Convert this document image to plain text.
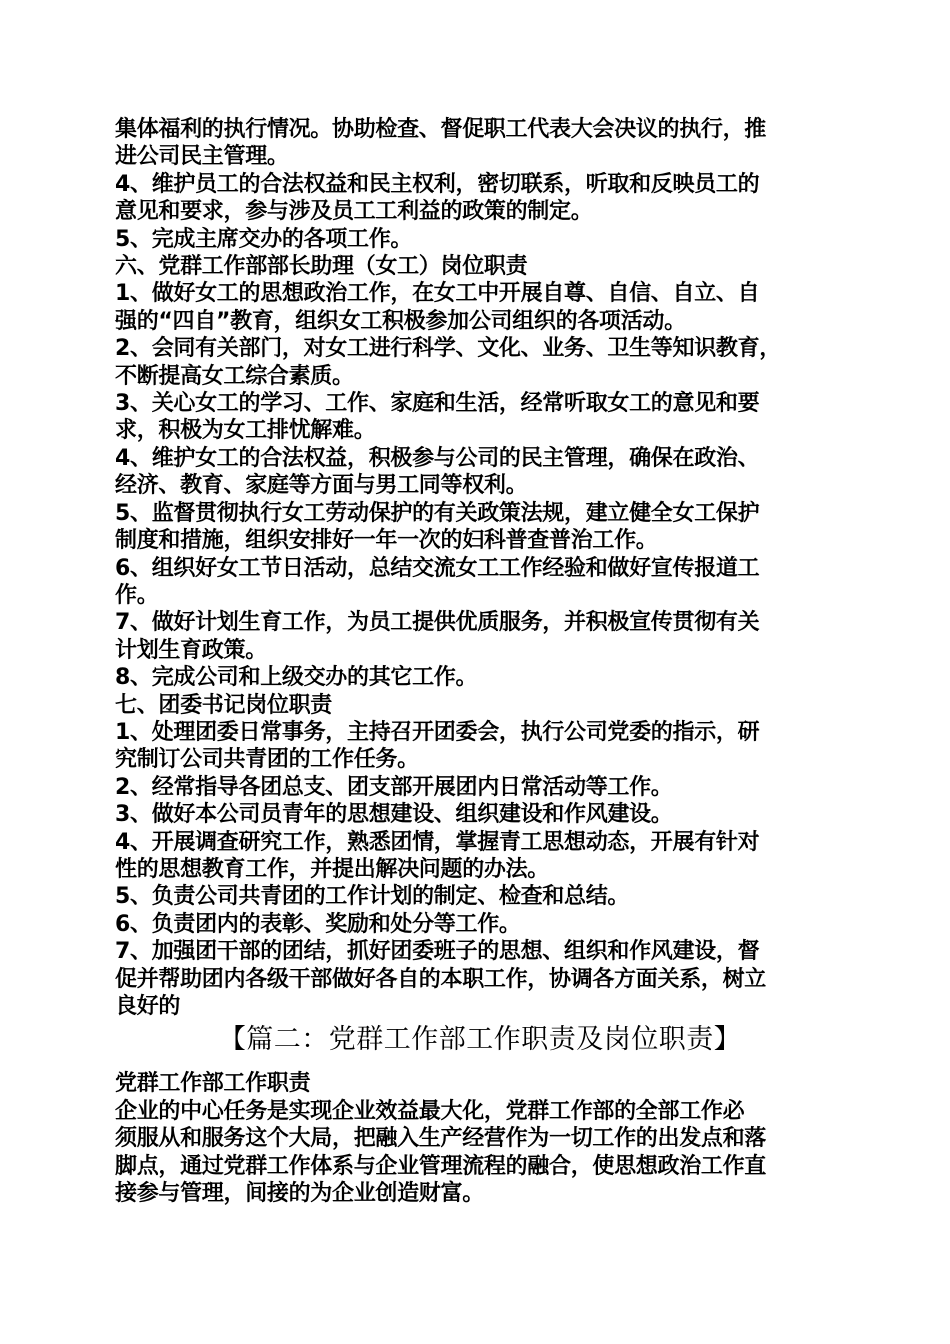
集体福利的执行情况。协助检查、督促职工代表大会决议的执行，推
进公司民主管理。
4、维护员工的合法权益和民主权利，密切联系，听取和反映员工的
意见和要求，参与涉及员工工利益的政策的制定。
5、完成主席交办的各项工作。
六、党群工作部部长助理（女工）岗位职责
1、做好女工的思想政治工作，在女工中开展自尊、自信、自立、自
强的“四自”教育，组织女工积极参加公司组织的各项活动。
2、会同有关部门，对女工进行科学、文化、业务、卫生等知识教育，
不断提高女工综合素质。
3、关心女工的学习、工作、家庭和生活，经常听取女工的意见和要
求，积极为女工排忧解难。
4、维护女工的合法权益，积极参与公司的民主管理，确保在政治、
经济、教育、家庭等方面与男工同等权利。
5、监督贯彻执行女工劳动保护的有关政策法规，建立健全女工保护
制度和措施，组织安排好一年一次的妇科普查普治工作。
6、组织好女工节日活动，总结交流女工工作经验和做好宣传报道工
作。
7、做好计划生育工作，为员工提供优质服务，并积极宣传贯彻有关
计划生育政策。
8、完成公司和上级交办的其它工作。
七、团委书记岗位职责
1、处理团委日常事务，主持召开团委会，执行公司党委的指示，研
究制订公司共青团的工作任务。
2、经常指导各团总支、团支部开展团内日常活动等工作。
3、做好本公司员青年的思想建设、组织建设和作风建设。
4、开展调查研究工作，熟悉团情，掌握青工思想动态，开展有针对
性的思想教育工作，并提出解决问题的办法。
5、负责公司共青团的工作计划的制定、检查和总结。
6、负责团内的表彰、奖励和处分等工作。
7、加强团干部的团结，抓好团委班子的思想、组织和作风建设，督
促并帮助团内各级干部做好各自的本职工作，协调各方面关系，树立
良好的
【篇二：党群工作部工作职责及岗位职责】
党群工作部工作职责
企业的中心任务是实现企业效益最大化，党群工作部的全部工作必
须服从和服务这个大局，把融入生产经营作为一切工作的出发点和落
脚点，通过党群工作体系与企业管理流程的融合，使思想政治工作直
接参与管理，间接的为企业创造财富。
